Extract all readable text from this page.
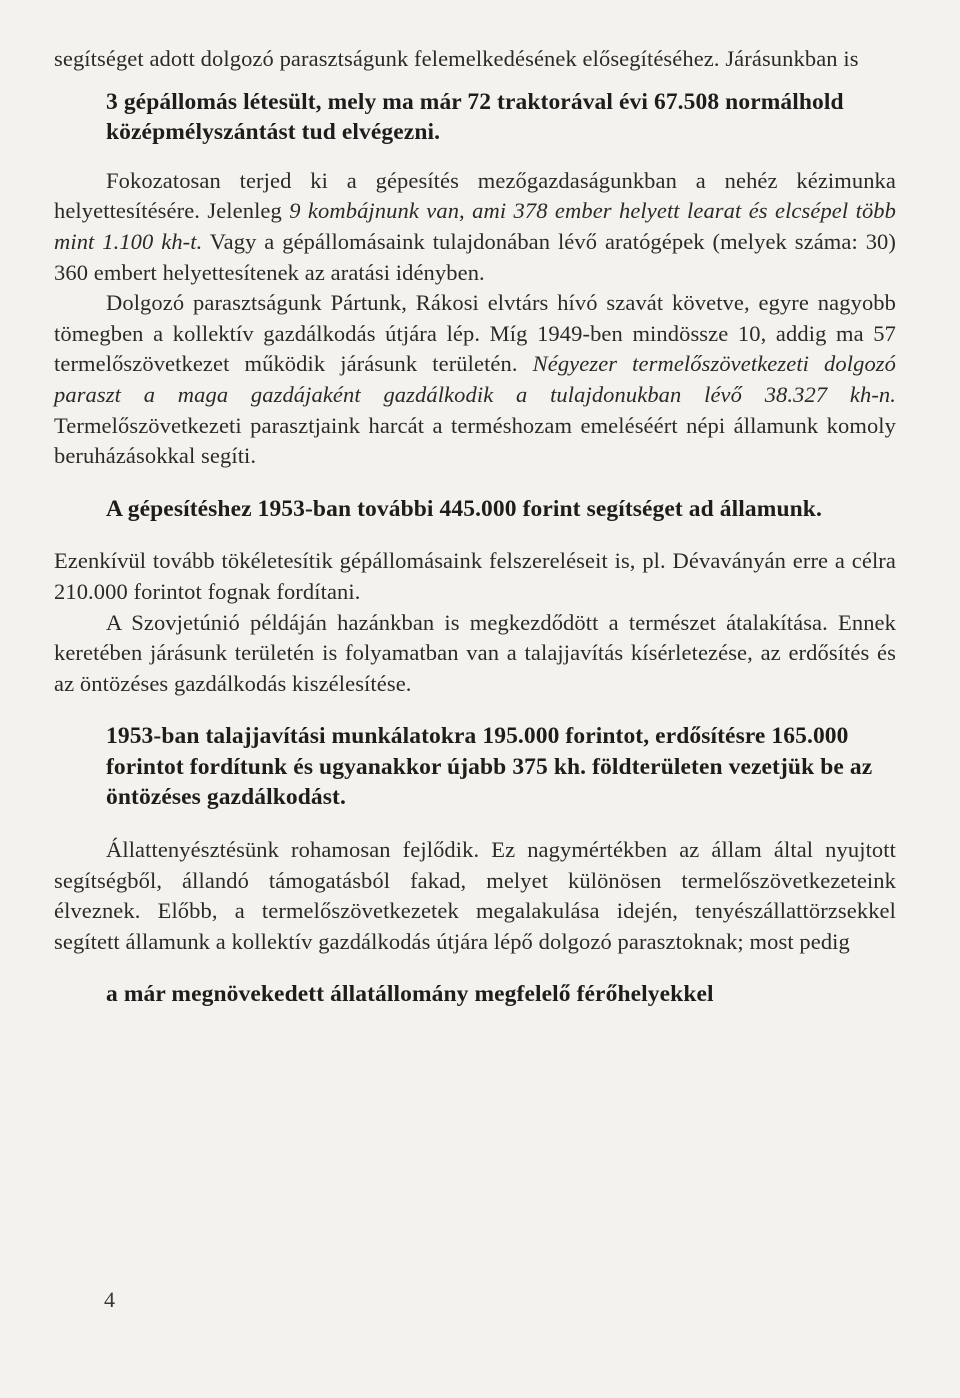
segítséget adott dolgozó parasztságunk felemelkedésének elősegítéséhez. Járásunkban is

3 gépállomás létesült, mely ma már 72 traktorával évi 67.508 normálhold középmélyszántást tud elvégezni.

Fokozatosan terjed ki a gépesítés mezőgazdaságunkban a nehéz kézimunka helyettesítésére. Jelenleg 9 kombájnunk van, ami 378 ember helyett learat és elcsépel több mint 1.100 kh-t. Vagy a gépállomásaink tulajdonában lévő aratógépek (melyek száma: 30) 360 embert helyettesítenek az aratási idényben.

Dolgozó parasztságunk Pártunk, Rákosi elvtárs hívó szavát követve, egyre nagyobb tömegben a kollektív gazdálkodás útjára lép. Míg 1949-ben mindössze 10, addig ma 57 termelőszövetkezet működik járásunk területén. Négyezer termelőszövetkezeti dolgozó paraszt a maga gazdájaként gazdálkodik a tulajdonukban lévő 38.327 kh-n. Termelőszövetkezeti parasztjaink harcát a terméshozam emeléséért népi államunk komoly beruházásokkal segíti.

A gépesítéshez 1953-ban további 445.000 forint segítséget ad államunk.

Ezenkívül tovább tökéletesítik gépállomásaink felszereléseit is, pl. Dévaványán erre a célra 210.000 forintot fognak fordítani.

A Szovjetúnió példáján hazánkban is megkezdődött a természet átalakítása. Ennek keretében járásunk területén is folyamatban van a talajjavítás kísérletezése, az erdősítés és az öntözéses gazdálkodás kiszélesítése.

1953-ban talajjavítási munkálatokra 195.000 forintot, erdősítésre 165.000 forintot fordítunk és ugyanakkor újabb 375 kh. földterületen vezetjük be az öntözéses gazdálkodást.

Állattenyésztésünk rohamosan fejlődik. Ez nagymértékben az állam által nyujtott segítségből, állandó támogatásból fakad, melyet különösen termelőszövetkezeteink élveznek. Előbb, a termelőszövetkezetek megalakulása idején, tenyészállattörzsekkel segített államunk a kollektív gazdálkodás útjára lépő dolgozó parasztoknak; most pedig

a már megnövekedett állatállomány megfelelő férőhelyekkel

4
